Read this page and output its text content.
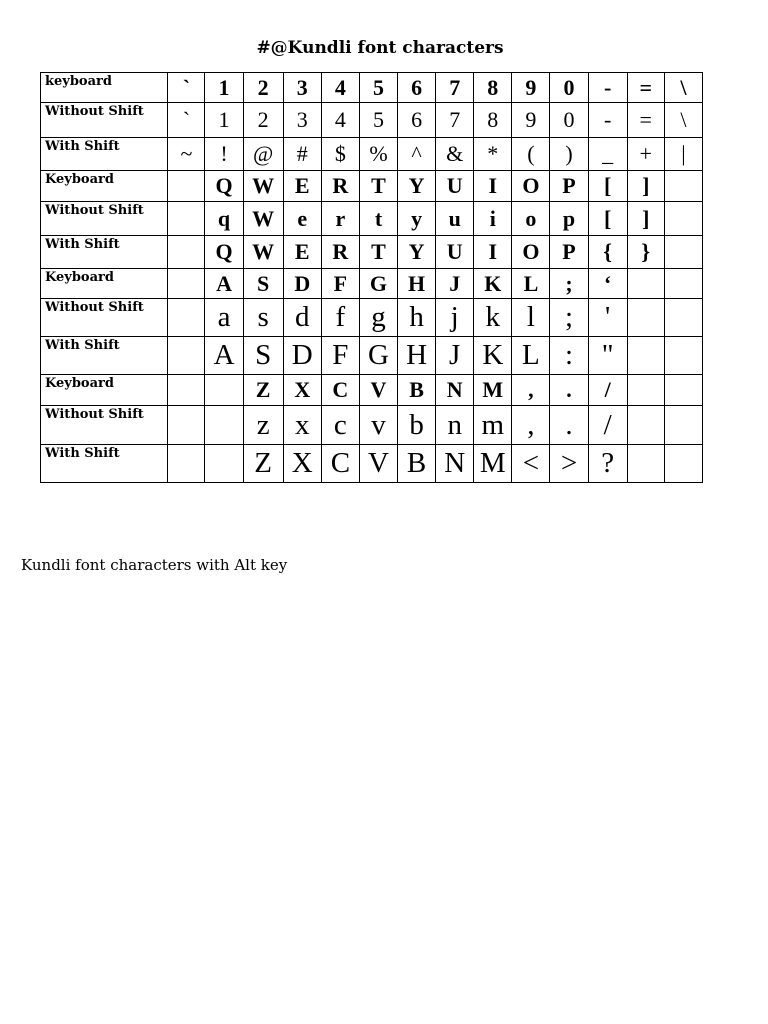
#@Kundli font characters
keyboard	`	1	2	3	4	5	6	7	8	9	0	-	=	\
Without Shift	`	1	2	3	4	5	6	7	8	9	0	-	=	\
With Shift	~	!	@	#	$	%	^	&	*	(	)	_	+	|
Keyboard		Q	W	E	R	T	Y	U	I	O	P	[	]	
Without Shift		q	W	e	r	t	y	u	i	o	p	[	]	
With Shift		Q	W	E	R	T	Y	U	I	O	P	{	}	
Keyboard		A	S	D	F	G	H	J	K	L	;	‘		
Without Shift		a	s	d	f	g	h	j	k	l	;	'		
With Shift		A	S	D	F	G	H	J	K	L	:	"		
Keyboard			Z	X	C	V	B	N	M	,	.	/		
Without Shift			z	x	c	v	b	n	m	,	.	/		
With Shift			Z	X	C	V	B	N	M	<	>	?		
Kundli font characters with Alt key
